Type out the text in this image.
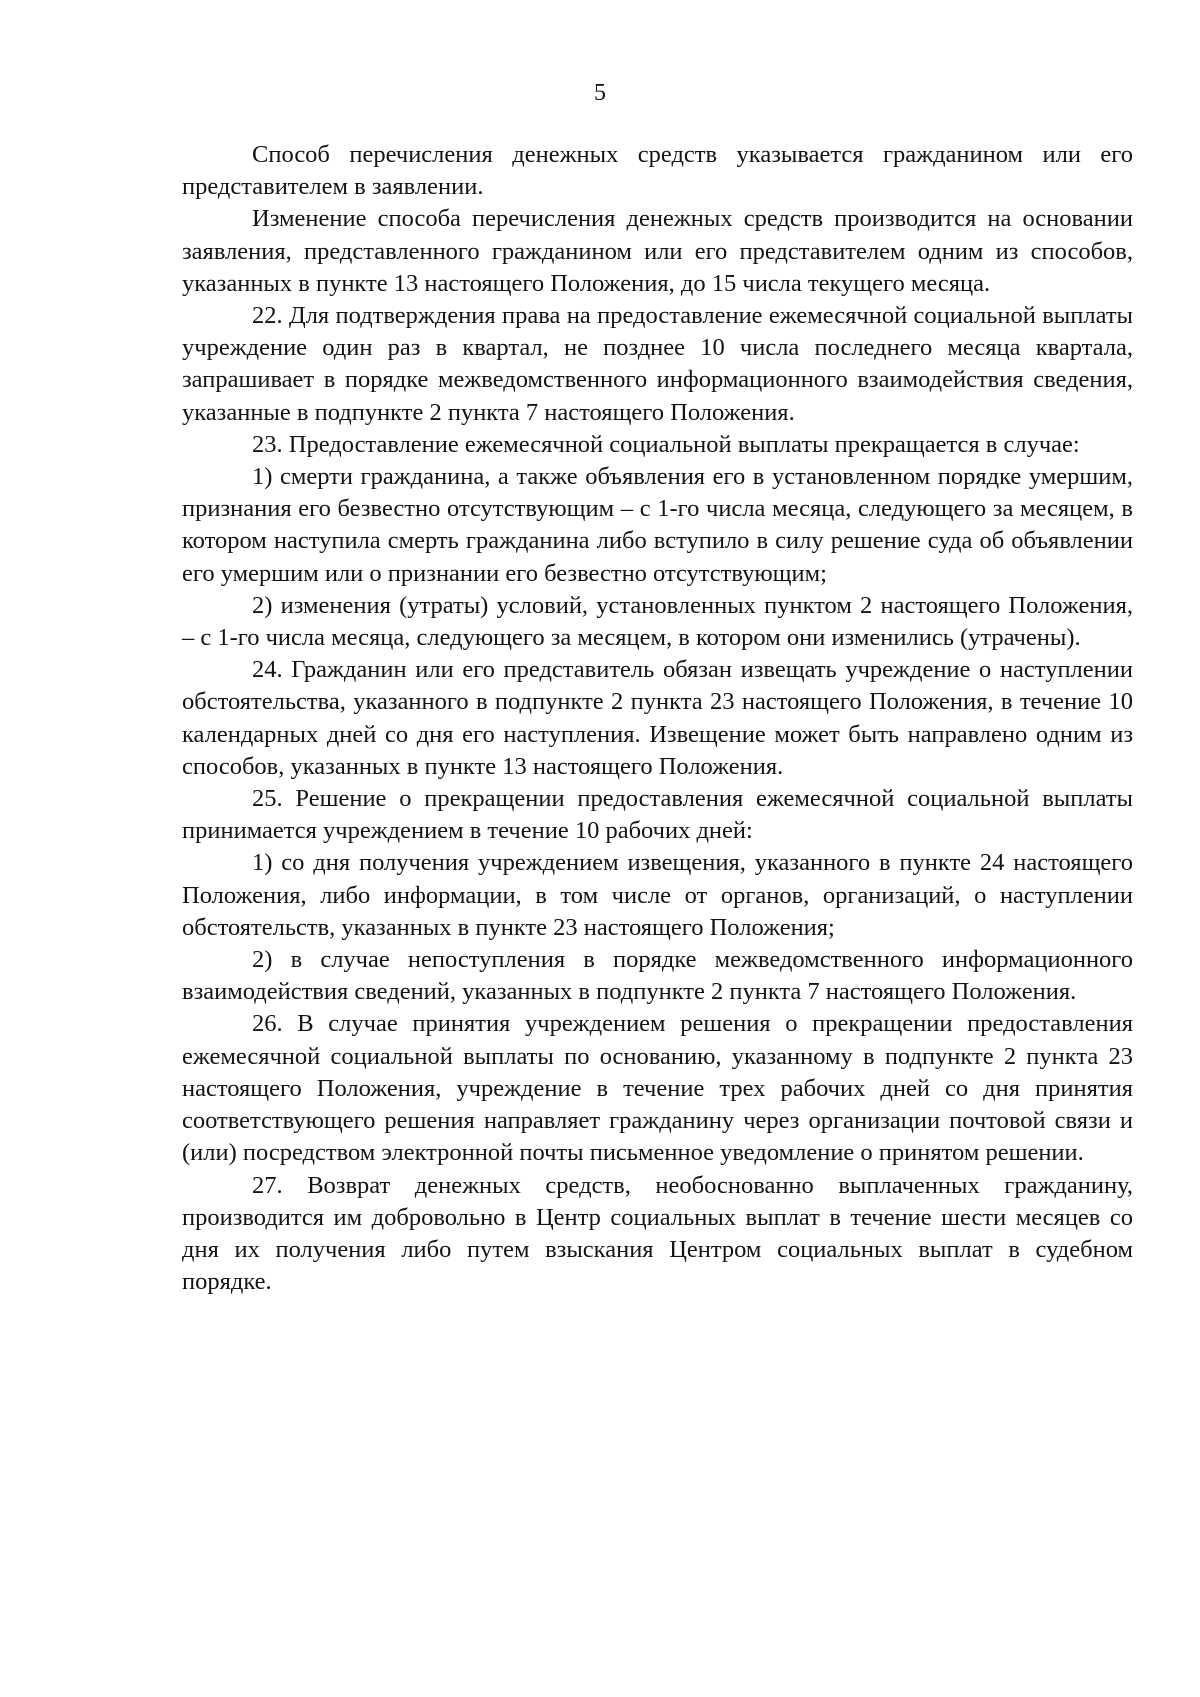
5

Способ перечисления денежных средств указывается гражданином или его представителем в заявлении.

Изменение способа перечисления денежных средств производится на основании заявления, представленного гражданином или его представителем одним из способов, указанных в пункте 13 настоящего Положения, до 15 числа текущего месяца.

22. Для подтверждения права на предоставление ежемесячной социальной выплаты учреждение один раз в квартал, не позднее 10 числа последнего месяца квартала, запрашивает в порядке межведомственного информационного взаимодействия сведения, указанные в подпункте 2 пункта 7 настоящего Положения.

23. Предоставление ежемесячной социальной выплаты прекращается в случае:

1) смерти гражданина, а также объявления его в установленном порядке умершим, признания его безвестно отсутствующим – с 1-го числа месяца, следующего за месяцем, в котором наступила смерть гражданина либо вступило в силу решение суда об объявлении его умершим или о признании его безвестно отсутствующим;

2) изменения (утраты) условий, установленных пунктом 2 настоящего Положения, – с 1-го числа месяца, следующего за месяцем, в котором они изменились (утрачены).

24. Гражданин или его представитель обязан извещать учреждение о наступлении обстоятельства, указанного в подпункте 2 пункта 23 настоящего Положения, в течение 10 календарных дней со дня его наступления. Извещение может быть направлено одним из способов, указанных в пункте 13 настоящего Положения.

25. Решение о прекращении предоставления ежемесячной социальной выплаты принимается учреждением в течение 10 рабочих дней:

1) со дня получения учреждением извещения, указанного в пункте 24 настоящего Положения, либо информации, в том числе от органов, организаций, о наступлении обстоятельств, указанных в пункте 23 настоящего Положения;

2) в случае непоступления в порядке межведомственного информационного взаимодействия сведений, указанных в подпункте 2 пункта 7 настоящего Положения.

26. В случае принятия учреждением решения о прекращении предоставления ежемесячной социальной выплаты по основанию, указанному в подпункте 2 пункта 23 настоящего Положения, учреждение в течение трех рабочих дней со дня принятия соответствующего решения направляет гражданину через организации почтовой связи и (или) посредством электронной почты письменное уведомление о принятом решении.

27. Возврат денежных средств, необоснованно выплаченных гражданину, производится им добровольно в Центр социальных выплат в течение шести месяцев со дня их получения либо путем взыскания Центром социальных выплат в судебном порядке.
